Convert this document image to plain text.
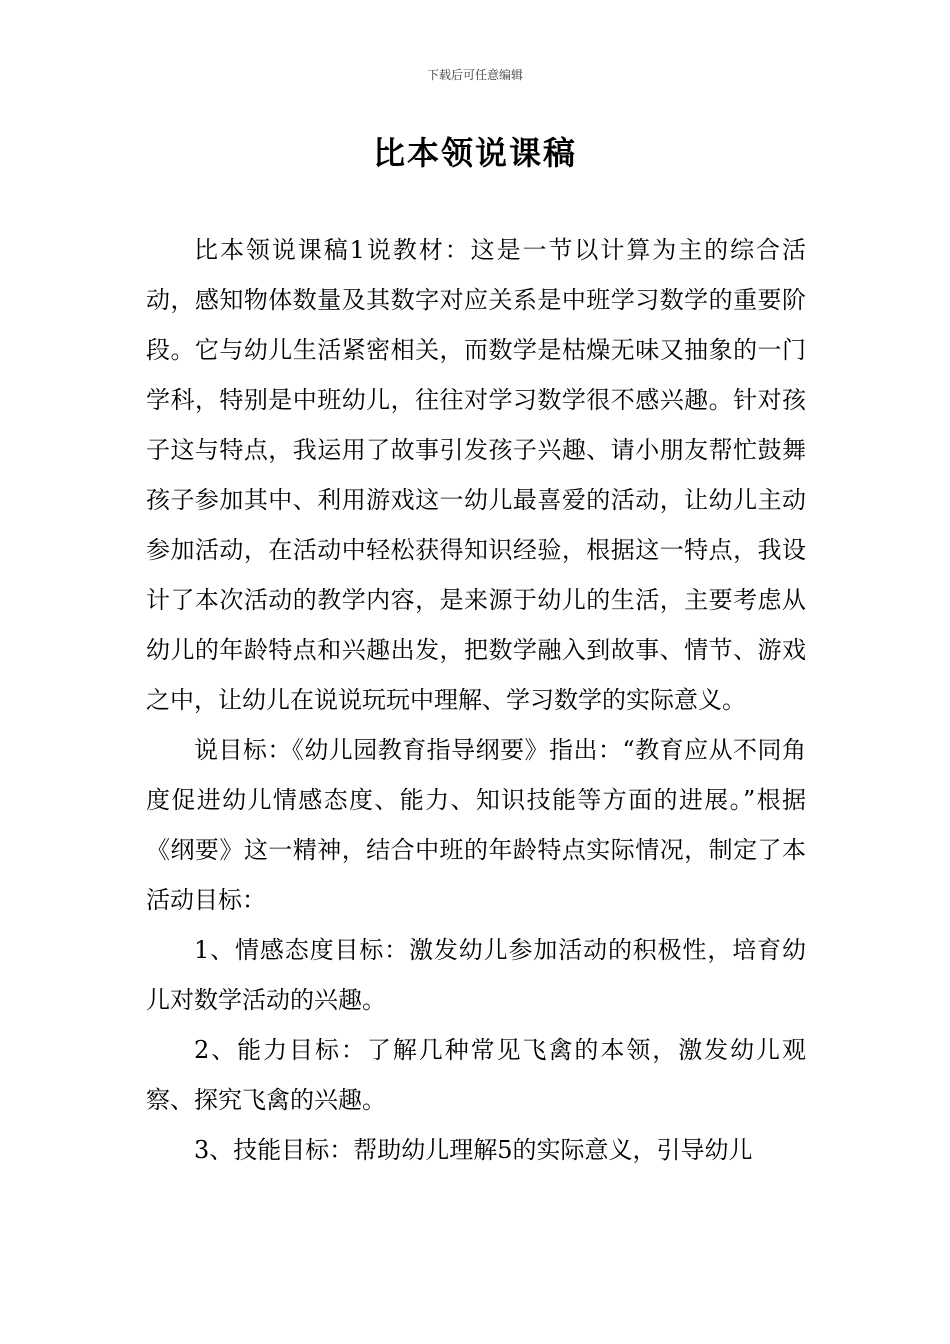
下载后可任意编辑
比本领说课稿

比本领说课稿1说教材：这是一节以计算为主的综合活动，感知物体数量及其数字对应关系是中班学习数学的重要阶段。它与幼儿生活紧密相关，而数学是枯燥无味又抽象的一门学科，特别是中班幼儿，往往对学习数学很不感兴趣。针对孩子这与特点，我运用了故事引发孩子兴趣、请小朋友帮忙鼓舞孩子参加其中、利用游戏这一幼儿最喜爱的活动，让幼儿主动参加活动，在活动中轻松获得知识经验，根据这一特点，我设计了本次活动的教学内容，是来源于幼儿的生活，主要考虑从幼儿的年龄特点和兴趣出发，把数学融入到故事、情节、游戏之中，让幼儿在说说玩玩中理解、学习数学的实际意义。

说目标：《幼儿园教育指导纲要》指出：“教育应从不同角度促进幼儿情感态度、能力、知识技能等方面的进展。”根据《纲要》这一精神，结合中班的年龄特点实际情况，制定了本活动目标：

1、情感态度目标：激发幼儿参加活动的积极性，培育幼儿对数学活动的兴趣。

2、能力目标：了解几种常见飞禽的本领，激发幼儿观察、探究飞禽的兴趣。

3、技能目标：帮助幼儿理解5的实际意义，引导幼儿
